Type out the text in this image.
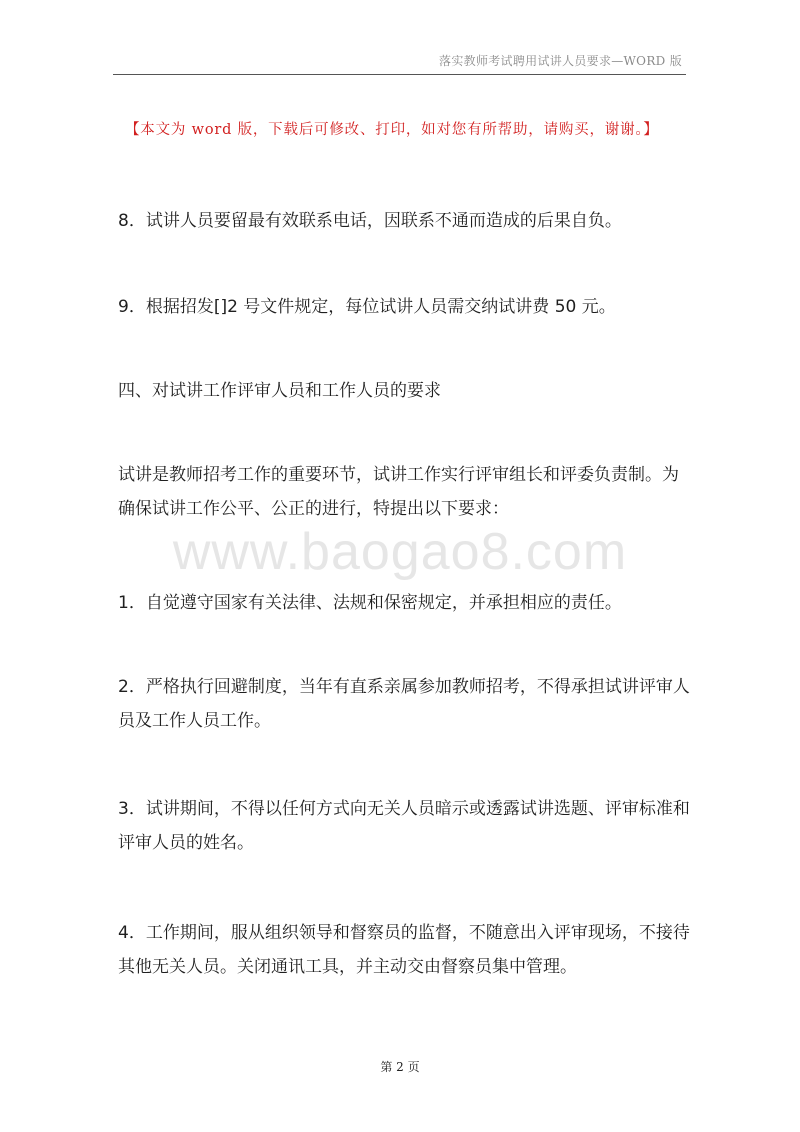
落实教师考试聘用试讲人员要求—WORD 版
【本文为 word 版，下载后可修改、打印，如对您有所帮助，请购买，谢谢。】
www.baogao8.com
8．试讲人员要留最有效联系电话，因联系不通而造成的后果自负。
9．根据招发[]2 号文件规定，每位试讲人员需交纳试讲费 50 元。
四、对试讲工作评审人员和工作人员的要求
试讲是教师招考工作的重要环节，试讲工作实行评审组长和评委负责制。为确保试讲工作公平、公正的进行，特提出以下要求：
1．自觉遵守国家有关法律、法规和保密规定，并承担相应的责任。
2．严格执行回避制度，当年有直系亲属参加教师招考，不得承担试讲评审人员及工作人员工作。
3．试讲期间，不得以任何方式向无关人员暗示或透露试讲选题、评审标准和评审人员的姓名。
4．工作期间，服从组织领导和督察员的监督，不随意出入评审现场，不接待其他无关人员。关闭通讯工具，并主动交由督察员集中管理。
第 2 页
